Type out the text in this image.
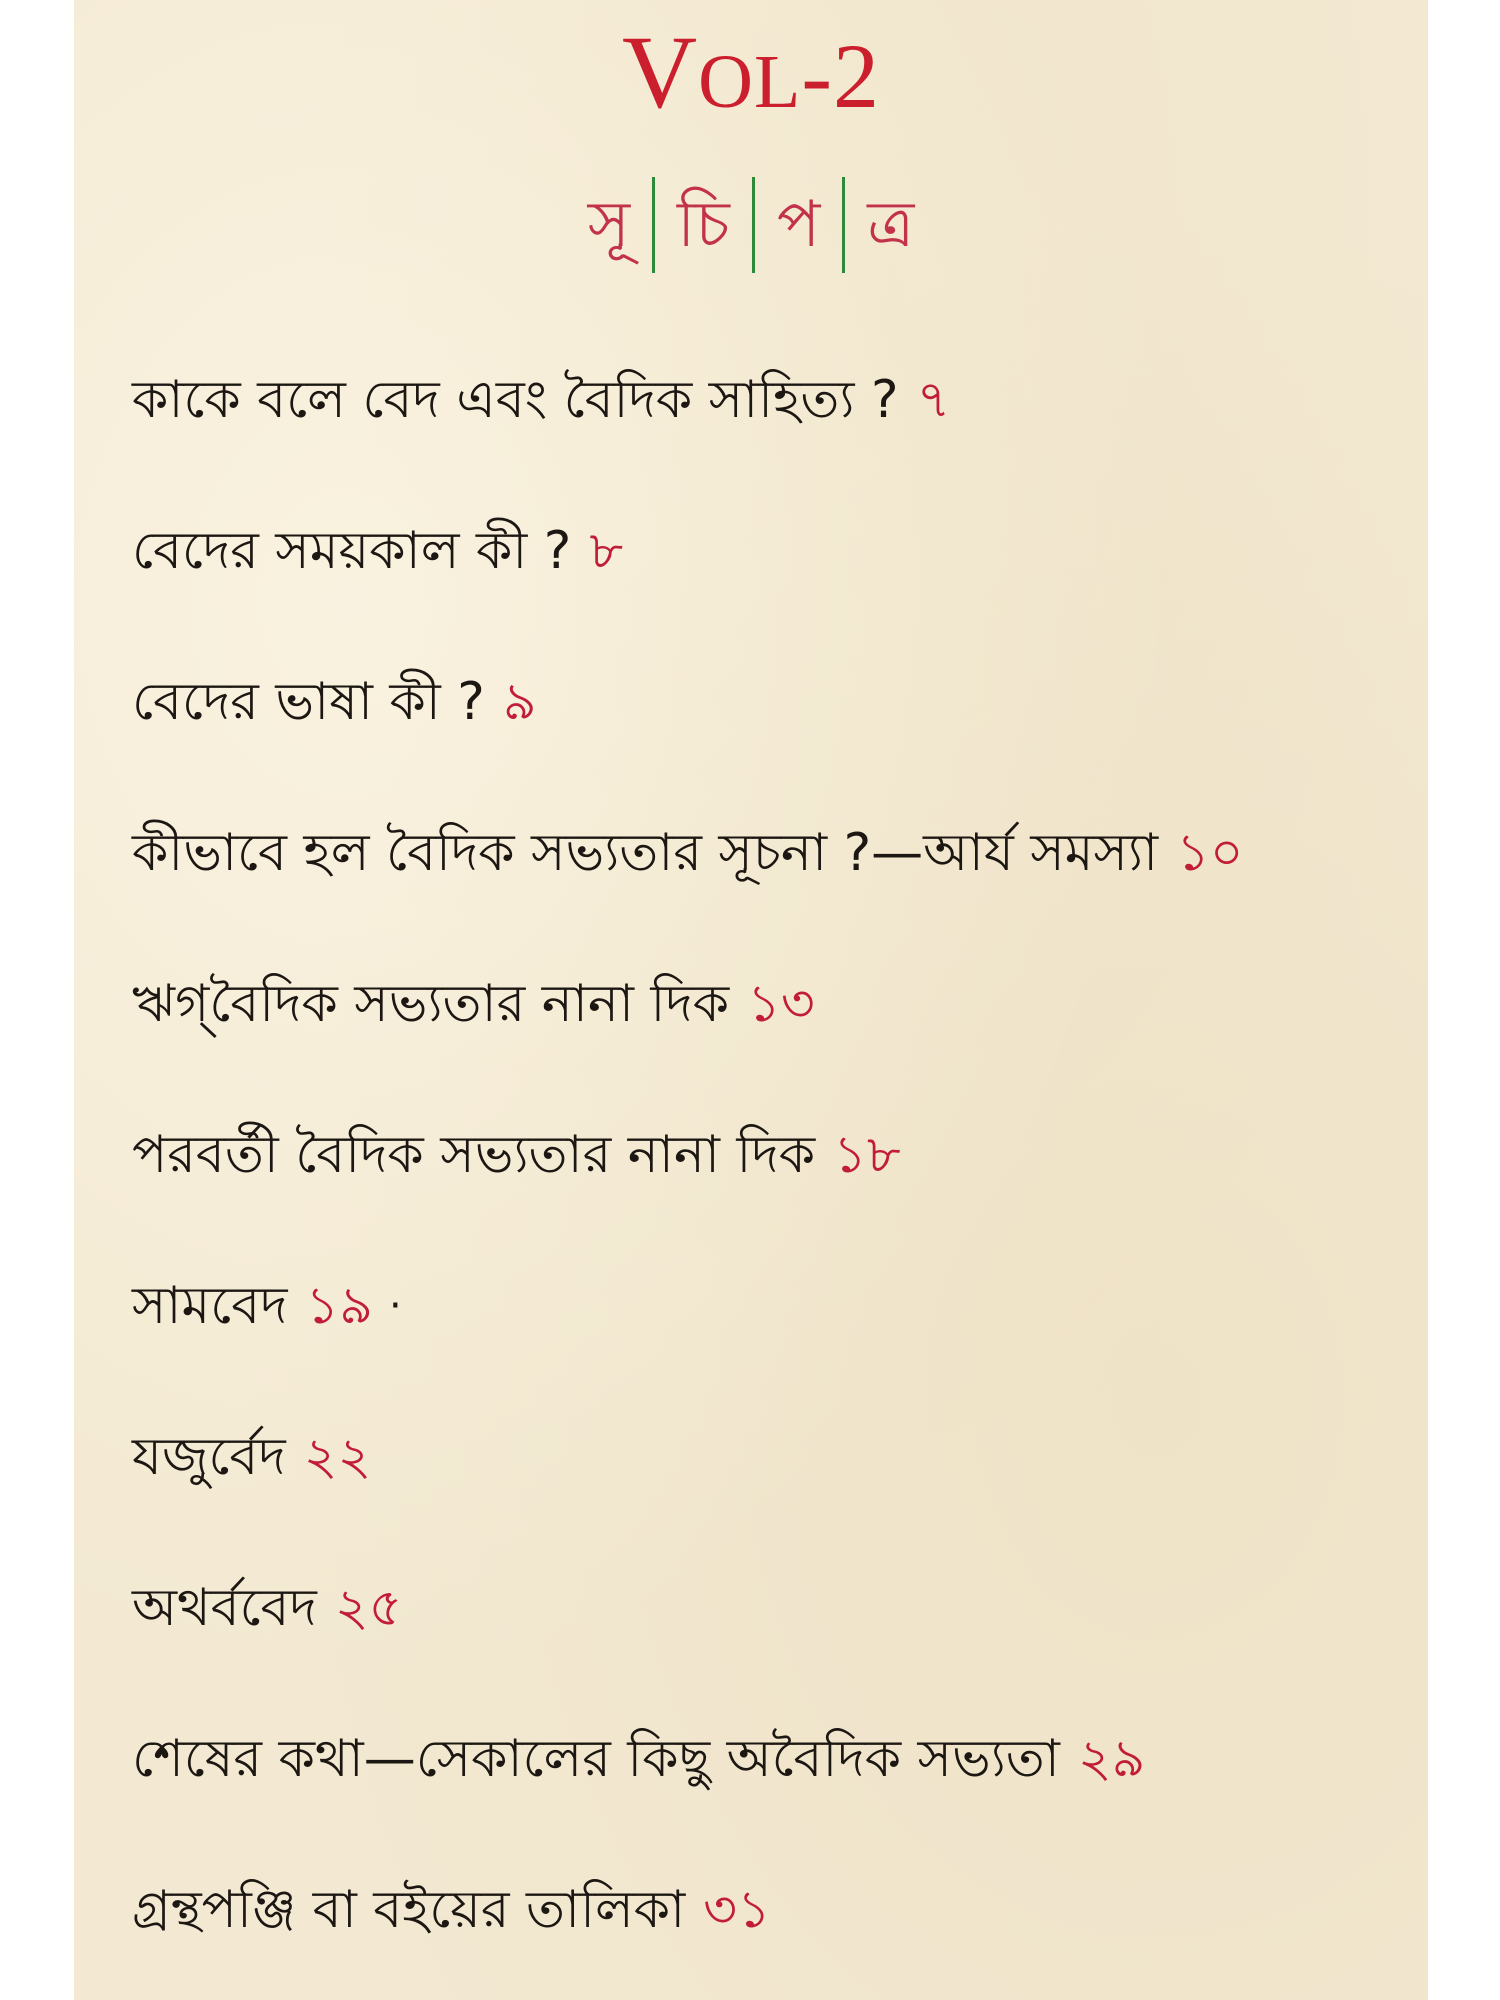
VOL-2
সূ চি প ত্র
কাকে বলে বেদ এবং বৈদিক সাহিত্য ? ৭
বেদের সময়কাল কী ? ৮
বেদের ভাষা কী ? ৯
কীভাবে হল বৈদিক সভ্যতার সূচনা ?—আর্য সমস্যা ১০
ঋগ্‌বৈদিক সভ্যতার নানা দিক ১৩
পরবর্তী বৈদিক সভ্যতার নানা দিক ১৮
সামবেদ ১৯ ·
যজুর্বেদ ২২
অথর্ববেদ ২৫
শেষের কথা—সেকালের কিছু অবৈদিক সভ্যতা ২৯
গ্রন্থপঞ্জি বা বইয়ের তালিকা ৩১
